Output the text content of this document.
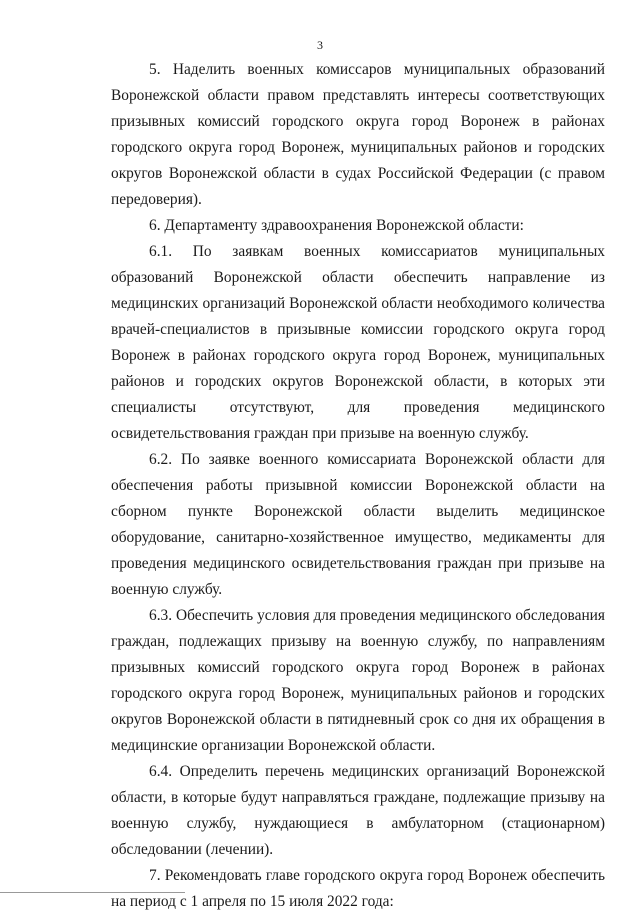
3

5. Наделить военных комиссаров муниципальных образований Воронежской области правом представлять интересы соответствующих призывных комиссий городского округа город Воронеж в районах городского округа город Воронеж, муниципальных районов и городских округов Воронежской области в судах Российской Федерации (с правом передоверия).

6. Департаменту здравоохранения Воронежской области:

6.1. По заявкам военных комиссариатов муниципальных образований Воронежской области обеспечить направление из медицинских организаций Воронежской области необходимого количества врачей-специалистов в призывные комиссии городского округа город Воронеж в районах городского округа город Воронеж, муниципальных районов и городских округов Воронежской области, в которых эти специалисты отсутствуют, для проведения медицинского освидетельствования граждан при призыве на военную службу.

6.2. По заявке военного комиссариата Воронежской области для обеспечения работы призывной комиссии Воронежской области на сборном пункте Воронежской области выделить медицинское оборудование, санитарно-хозяйственное имущество, медикаменты для проведения медицинского освидетельствования граждан при призыве на военную службу.

6.3. Обеспечить условия для проведения медицинского обследования граждан, подлежащих призыву на военную службу, по направлениям призывных комиссий городского округа город Воронеж в районах городского округа город Воронеж, муниципальных районов и городских округов Воронежской области в пятидневный срок со дня их обращения в медицинские организации Воронежской области.

6.4. Определить перечень медицинских организаций Воронежской области, в которые будут направляться граждане, подлежащие призыву на военную службу, нуждающиеся в амбулаторном (стационарном) обследовании (лечении).

7. Рекомендовать главе городского округа город Воронеж обеспечить на период с 1 апреля по 15 июля 2022 года:
